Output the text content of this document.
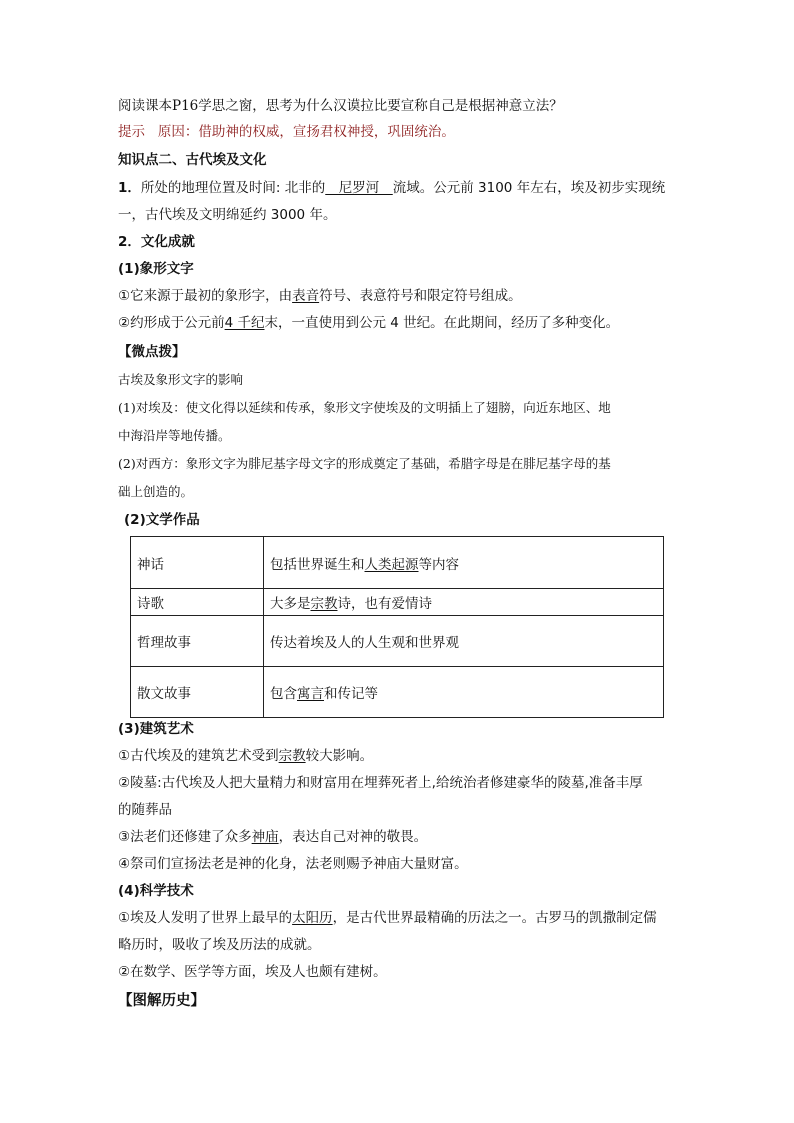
阅读课本P16学思之窗，思考为什么汉谟拉比要宣称自己是根据神意立法？
提示 原因：借助神的权威，宣扬君权神授，巩固统治。
知识点二、古代埃及文化
1．所处的地理位置及时间: 北非的　尼罗河　流域。公元前 3100 年左右，埃及初步实现统
一，古代埃及文明绵延约 3000 年。
2．文化成就
(1)象形文字
①它来源于最初的象形字，由表音符号、表意符号和限定符号组成。
②约形成于公元前4 千纪末，一直使用到公元 4 世纪。在此期间，经历了多种变化。
【微点拨】
古埃及象形文字的影响
(1)对埃及：使文化得以延续和传承，象形文字使埃及的文明插上了翅膀，向近东地区、地
中海沿岸等地传播。
(2)对西方：象形文字为腓尼基字母文字的形成奠定了基础，希腊字母是在腓尼基字母的基
础上创造的。
(2)文学作品
神话	包括世界诞生和人类起源等内容
诗歌	大多是宗教诗，也有爱情诗
哲理故事	传达着埃及人的人生观和世界观
散文故事	包含寓言和传记等
(3)建筑艺术
①古代埃及的建筑艺术受到宗教较大影响。
②陵墓:古代埃及人把大量精力和财富用在埋葬死者上,给统治者修建豪华的陵墓,准备丰厚
的随葬品
③法老们还修建了众多神庙，表达自己对神的敬畏。
④祭司们宣扬法老是神的化身，法老则赐予神庙大量财富。
(4)科学技术
①埃及人发明了世界上最早的太阳历，是古代世界最精确的历法之一。古罗马的凯撒制定儒
略历时，吸收了埃及历法的成就。
②在数学、医学等方面，埃及人也颇有建树。
【图解历史】
